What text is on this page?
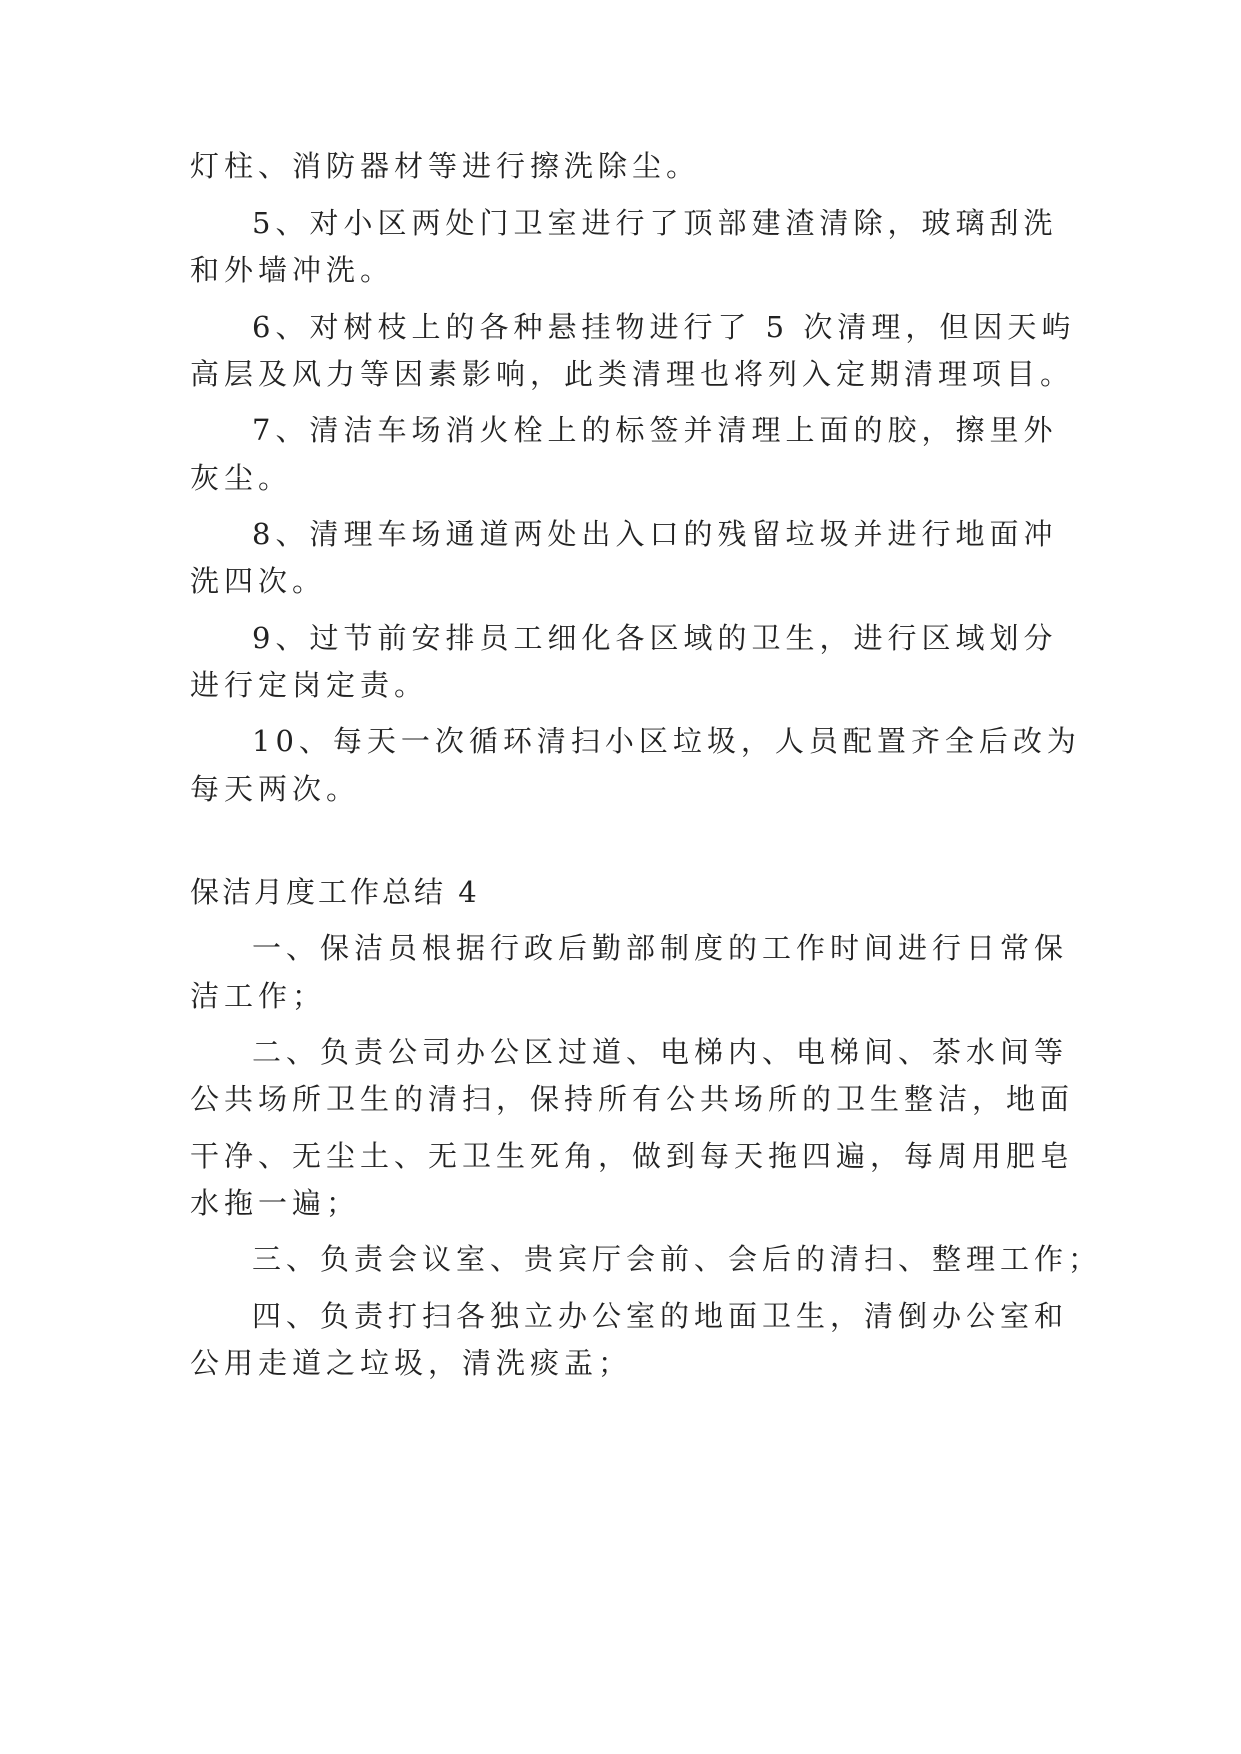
灯柱、消防器材等进行擦洗除尘。
5、对小区两处门卫室进行了顶部建渣清除，玻璃刮洗
和外墙冲洗。
6、对树枝上的各种悬挂物进行了 5 次清理，但因天屿
高层及风力等因素影响，此类清理也将列入定期清理项目。
7、清洁车场消火栓上的标签并清理上面的胶，擦里外
灰尘。
8、清理车场通道两处出入口的残留垃圾并进行地面冲
洗四次。
9、过节前安排员工细化各区域的卫生，进行区域划分
进行定岗定责。
10、每天一次循环清扫小区垃圾，人员配置齐全后改为
每天两次。
保洁月度工作总结 4
一、保洁员根据行政后勤部制度的工作时间进行日常保
洁工作；
二、负责公司办公区过道、电梯内、电梯间、茶水间等
公共场所卫生的清扫，保持所有公共场所的卫生整洁，地面
干净、无尘土、无卫生死角，做到每天拖四遍，每周用肥皂
水拖一遍；
三、负责会议室、贵宾厅会前、会后的清扫、整理工作；
四、负责打扫各独立办公室的地面卫生，清倒办公室和
公用走道之垃圾，清洗痰盂；
